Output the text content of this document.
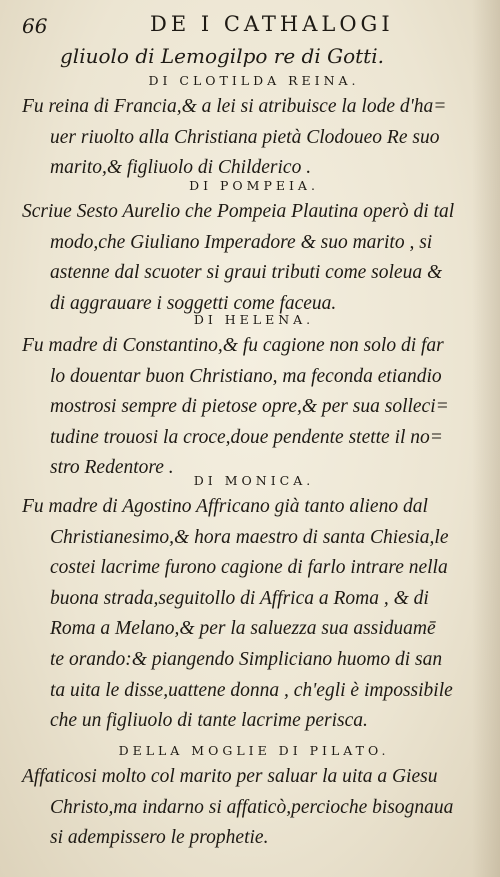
66	DE I CATHALOGI
gliuolo di Lemogilpo re di Gotti.
DI CLOTILDA REINA.
Fu reina di Francia,& a lei si atribuisce la lode d'ha=
uer riuolto alla Christiana pietà Clodoueo Re suo
marito,& figliuolo di Childerico .
DI POMPEIA.
Scriue Sesto Aurelio che Pompeia Plautina operò di tal
modo,che Giuliano Imperadore & suo marito , si
astenne dal scuoter si graui tributi come soleua &
di aggrauare i soggetti come faceua.
DI HELENA.
Fu madre di Constantino,& fu cagione non solo di far
lo douentar buon Christiano, ma feconda etiandio
mostrosi sempre di pietose opre,& per sua solleci=
tudine trouosi la croce,doue pendente stette il no=
stro Redentore .
DI MONICA.
Fu madre di Agostino Affricano già tanto alieno dal
Christianesimo,& hora maestro di santa Chiesia,le
costei lacrime furono cagione di farlo intrare nella
buona strada,seguitollo di Affrica a Roma , & di
Roma a Melano,& per la saluezza sua assiduamē
te orando:& piangendo Simpliciano huomo di san
ta uita le disse,uattene donna , ch'egli è impossibile
che un figliuolo di tante lacrime perisca.
DELLA MOGLIE DI PILATO.
Affaticosi molto col marito per saluar la uita a Giesu
Christo,ma indarno si affaticò,percioche bisognaua
si adempissero le prophetie.
